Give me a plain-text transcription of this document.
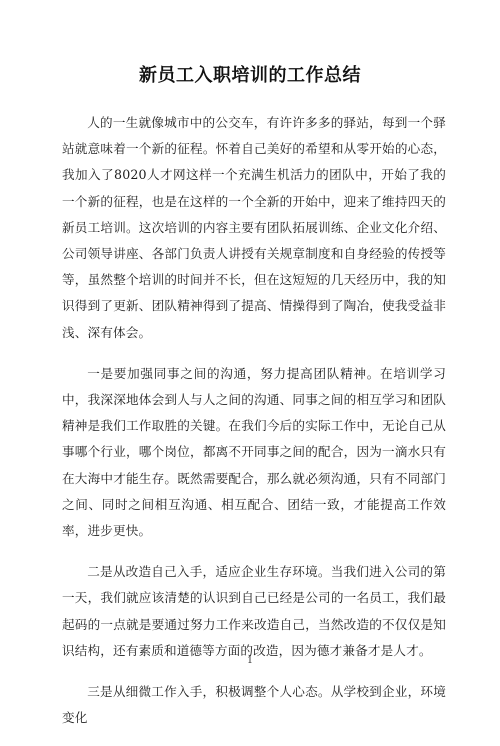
新员工入职培训的工作总结

人的一生就像城市中的公交车，有许许多多的驿站，每到一个驿站就意味着一个新的征程。怀着自己美好的希望和从零开始的心态，我加入了8020人才网这样一个充满生机活力的团队中，开始了我的一个新的征程，也是在这样的一个全新的开始中，迎来了维持四天的新员工培训。这次培训的内容主要有团队拓展训练、企业文化介绍、公司领导讲座、各部门负责人讲授有关规章制度和自身经验的传授等等，虽然整个培训的时间并不长，但在这短短的几天经历中，我的知识得到了更新、团队精神得到了提高、情操得到了陶冶，使我受益非浅、深有体会。

一是要加强同事之间的沟通，努力提高团队精神。在培训学习中，我深深地体会到人与人之间的沟通、同事之间的相互学习和团队精神是我们工作取胜的关键。在我们今后的实际工作中，无论自己从事哪个行业，哪个岗位，都离不开同事之间的配合，因为一滴水只有在大海中才能生存。既然需要配合，那么就必须沟通，只有不同部门之间、同时之间相互沟通、相互配合、团结一致，才能提高工作效率，进步更快。

二是从改造自己入手，适应企业生存环境。当我们进入公司的第一天，我们就应该清楚的认识到自己已经是公司的一名员工，我们最起码的一点就是要通过努力工作来改造自己，当然改造的不仅仅是知识结构，还有素质和道德等方面的改造，因为德才兼备才是人才。

三是从细微工作入手，积极调整个人心态。从学校到企业，环境变化

1
